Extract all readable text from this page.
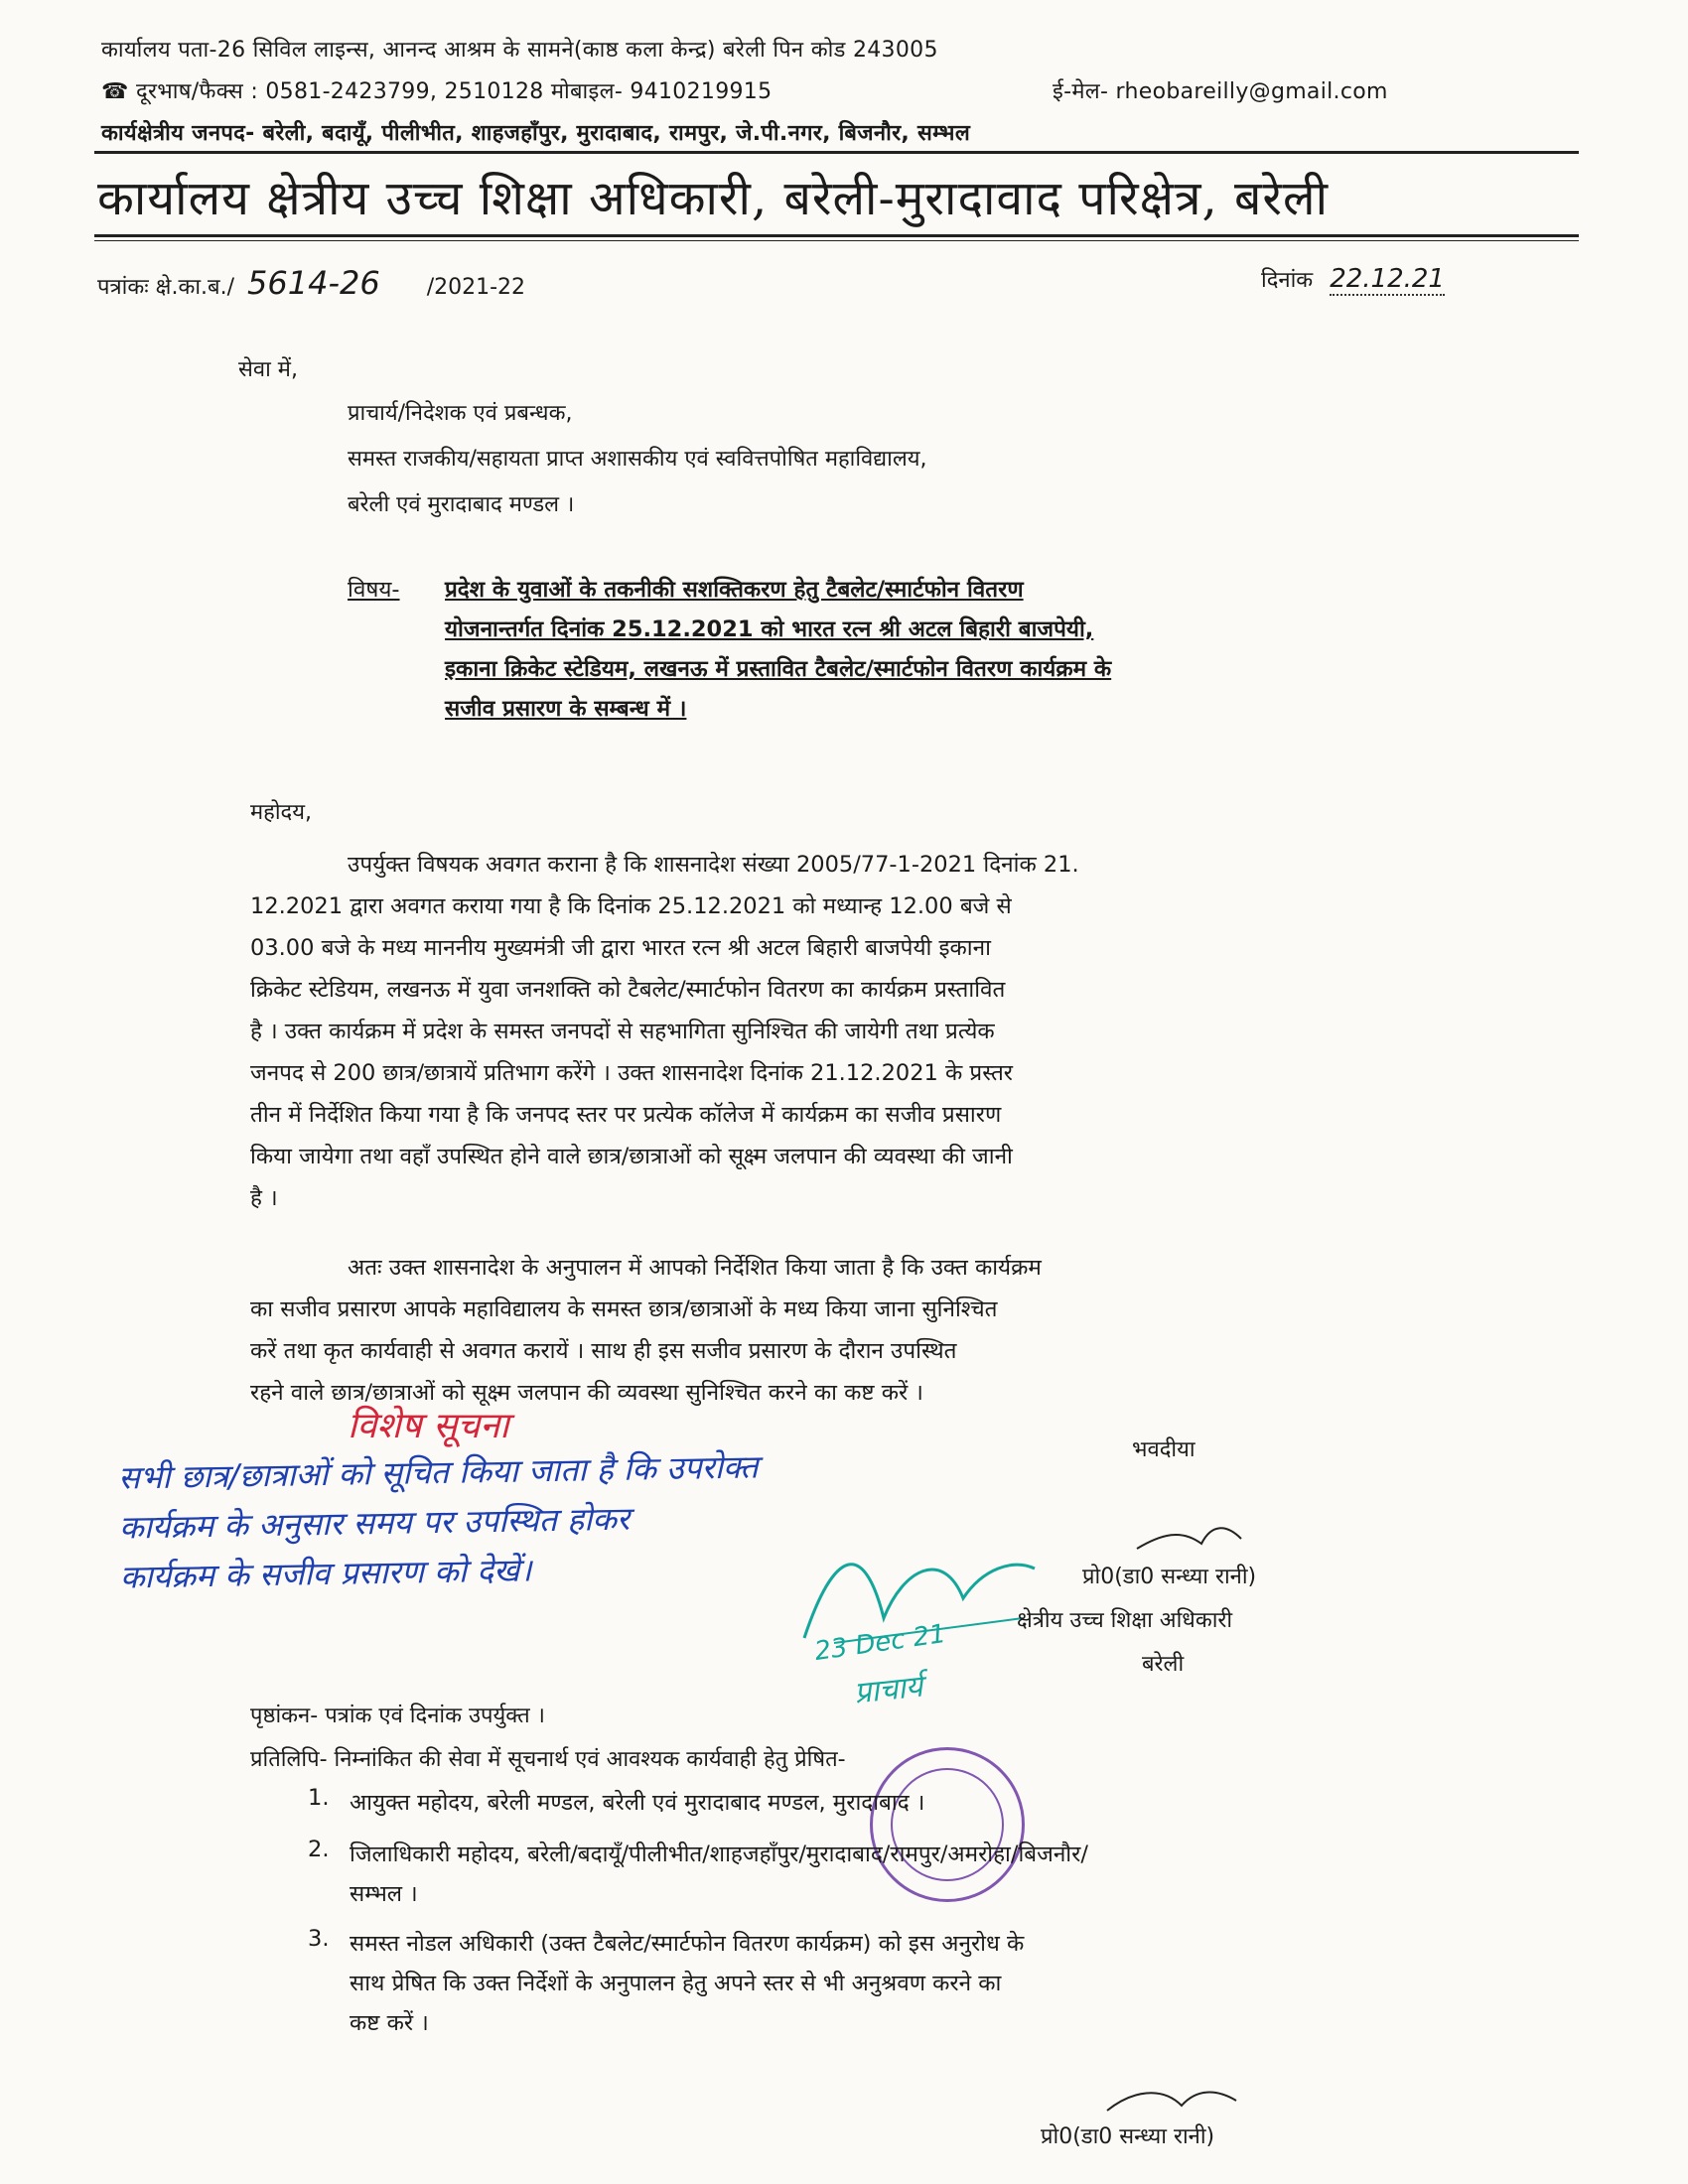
कार्यालय पता-26 सिविल लाइन्स, आनन्द आश्रम के सामने(काष्ठ कला केन्द्र) बरेली पिन कोड 243005
☎ दूरभाष/फैक्स : 0581-2423799, 2510128 मोबाइल- 9410219915	ई-मेल- rheobareilly@gmail.com
कार्यक्षेत्रीय जनपद- बरेली, बदायूँ, पीलीभीत, शाहजहाँपुर, मुरादाबाद, रामपुर, जे.पी.नगर, बिजनौर, सम्भल
कार्यालय क्षेत्रीय उच्च शिक्षा अधिकारी, बरेली-मुरादावाद परिक्षेत्र, बरेली
पत्रांकः क्षे.का.ब./ 5614-26 /2021-22	दिनांक 22.12.21
सेवा में,
प्राचार्य/निदेशक एवं प्रबन्धक,
समस्त राजकीय/सहायता प्राप्त अशासकीय एवं स्ववित्तपोषित महाविद्यालय,
बरेली एवं मुरादाबाद मण्डल ।
विषय- प्रदेश के युवाओं के तकनीकी सशक्तिकरण हेतु टैबलेट/स्मार्टफोन वितरण
योजनान्तर्गत दिनांक 25.12.2021 को भारत रत्न श्री अटल बिहारी बाजपेयी,
इकाना क्रिकेट स्टेडियम, लखनऊ में प्रस्तावित टैबलेट/स्मार्टफोन वितरण कार्यक्रम के
सजीव प्रसारण के सम्बन्ध में ।
महोदय,
उपर्युक्त विषयक अवगत कराना है कि शासनादेश संख्या 2005/77-1-2021 दिनांक 21.
12.2021 द्वारा अवगत कराया गया है कि दिनांक 25.12.2021 को मध्यान्ह 12.00 बजे से
03.00 बजे के मध्य माननीय मुख्यमंत्री जी द्वारा भारत रत्न श्री अटल बिहारी बाजपेयी इकाना
क्रिकेट स्टेडियम, लखनऊ में युवा जनशक्ति को टैबलेट/स्मार्टफोन वितरण का कार्यक्रम प्रस्तावित
है । उक्त कार्यक्रम में प्रदेश के समस्त जनपदों से सहभागिता सुनिश्चित की जायेगी तथा प्रत्येक
जनपद से 200 छात्र/छात्रायें प्रतिभाग करेंगे । उक्त शासनादेश दिनांक 21.12.2021 के प्रस्तर
तीन में निर्देशित किया गया है कि जनपद स्तर पर प्रत्येक कॉलेज में कार्यक्रम का सजीव प्रसारण
किया जायेगा तथा वहाँ उपस्थित होने वाले छात्र/छात्राओं को सूक्ष्म जलपान की व्यवस्था की जानी
है ।
अतः उक्त शासनादेश के अनुपालन में आपको निर्देशित किया जाता है कि उक्त कार्यक्रम
का सजीव प्रसारण आपके महाविद्यालय के समस्त छात्र/छात्राओं के मध्य किया जाना सुनिश्चित
करें तथा कृत कार्यवाही से अवगत करायें । साथ ही इस सजीव प्रसारण के दौरान उपस्थित
रहने वाले छात्र/छात्राओं को सूक्ष्म जलपान की व्यवस्था सुनिश्चित करने का कष्ट करें ।
भवदीया
विशेष सूचना
सभी छात्र/छात्राओं को सूचित किया जाता है कि उपरोक्त
कार्यक्रम के अनुसार समय पर उपस्थित होकर
कार्यक्रम के सजीव प्रसारण को देखें।
23 Dec 21
प्राचार्य
प्रो0(डा0 सन्ध्या रानी)
क्षेत्रीय उच्च शिक्षा अधिकारी
बरेली
पृष्ठांकन- पत्रांक एवं दिनांक उपर्युक्त ।
प्रतिलिपि- निम्नांकित की सेवा में सूचनार्थ एवं आवश्यक कार्यवाही हेतु प्रेषित-
1. आयुक्त महोदय, बरेली मण्डल, बरेली एवं मुरादाबाद मण्डल, मुरादाबाद ।
2. जिलाधिकारी महोदय, बरेली/बदायूँ/पीलीभीत/शाहजहाँपुर/मुरादाबाद/रामपुर/अमरोहा/बिजनौर/
सम्भल ।
3. समस्त नोडल अधिकारी (उक्त टैबलेट/स्मार्टफोन वितरण कार्यक्रम) को इस अनुरोध के
साथ प्रेषित कि उक्त निर्देशों के अनुपालन हेतु अपने स्तर से भी अनुश्रवण करने का
कष्ट करें ।
प्रो0(डा0 सन्ध्या रानी)
